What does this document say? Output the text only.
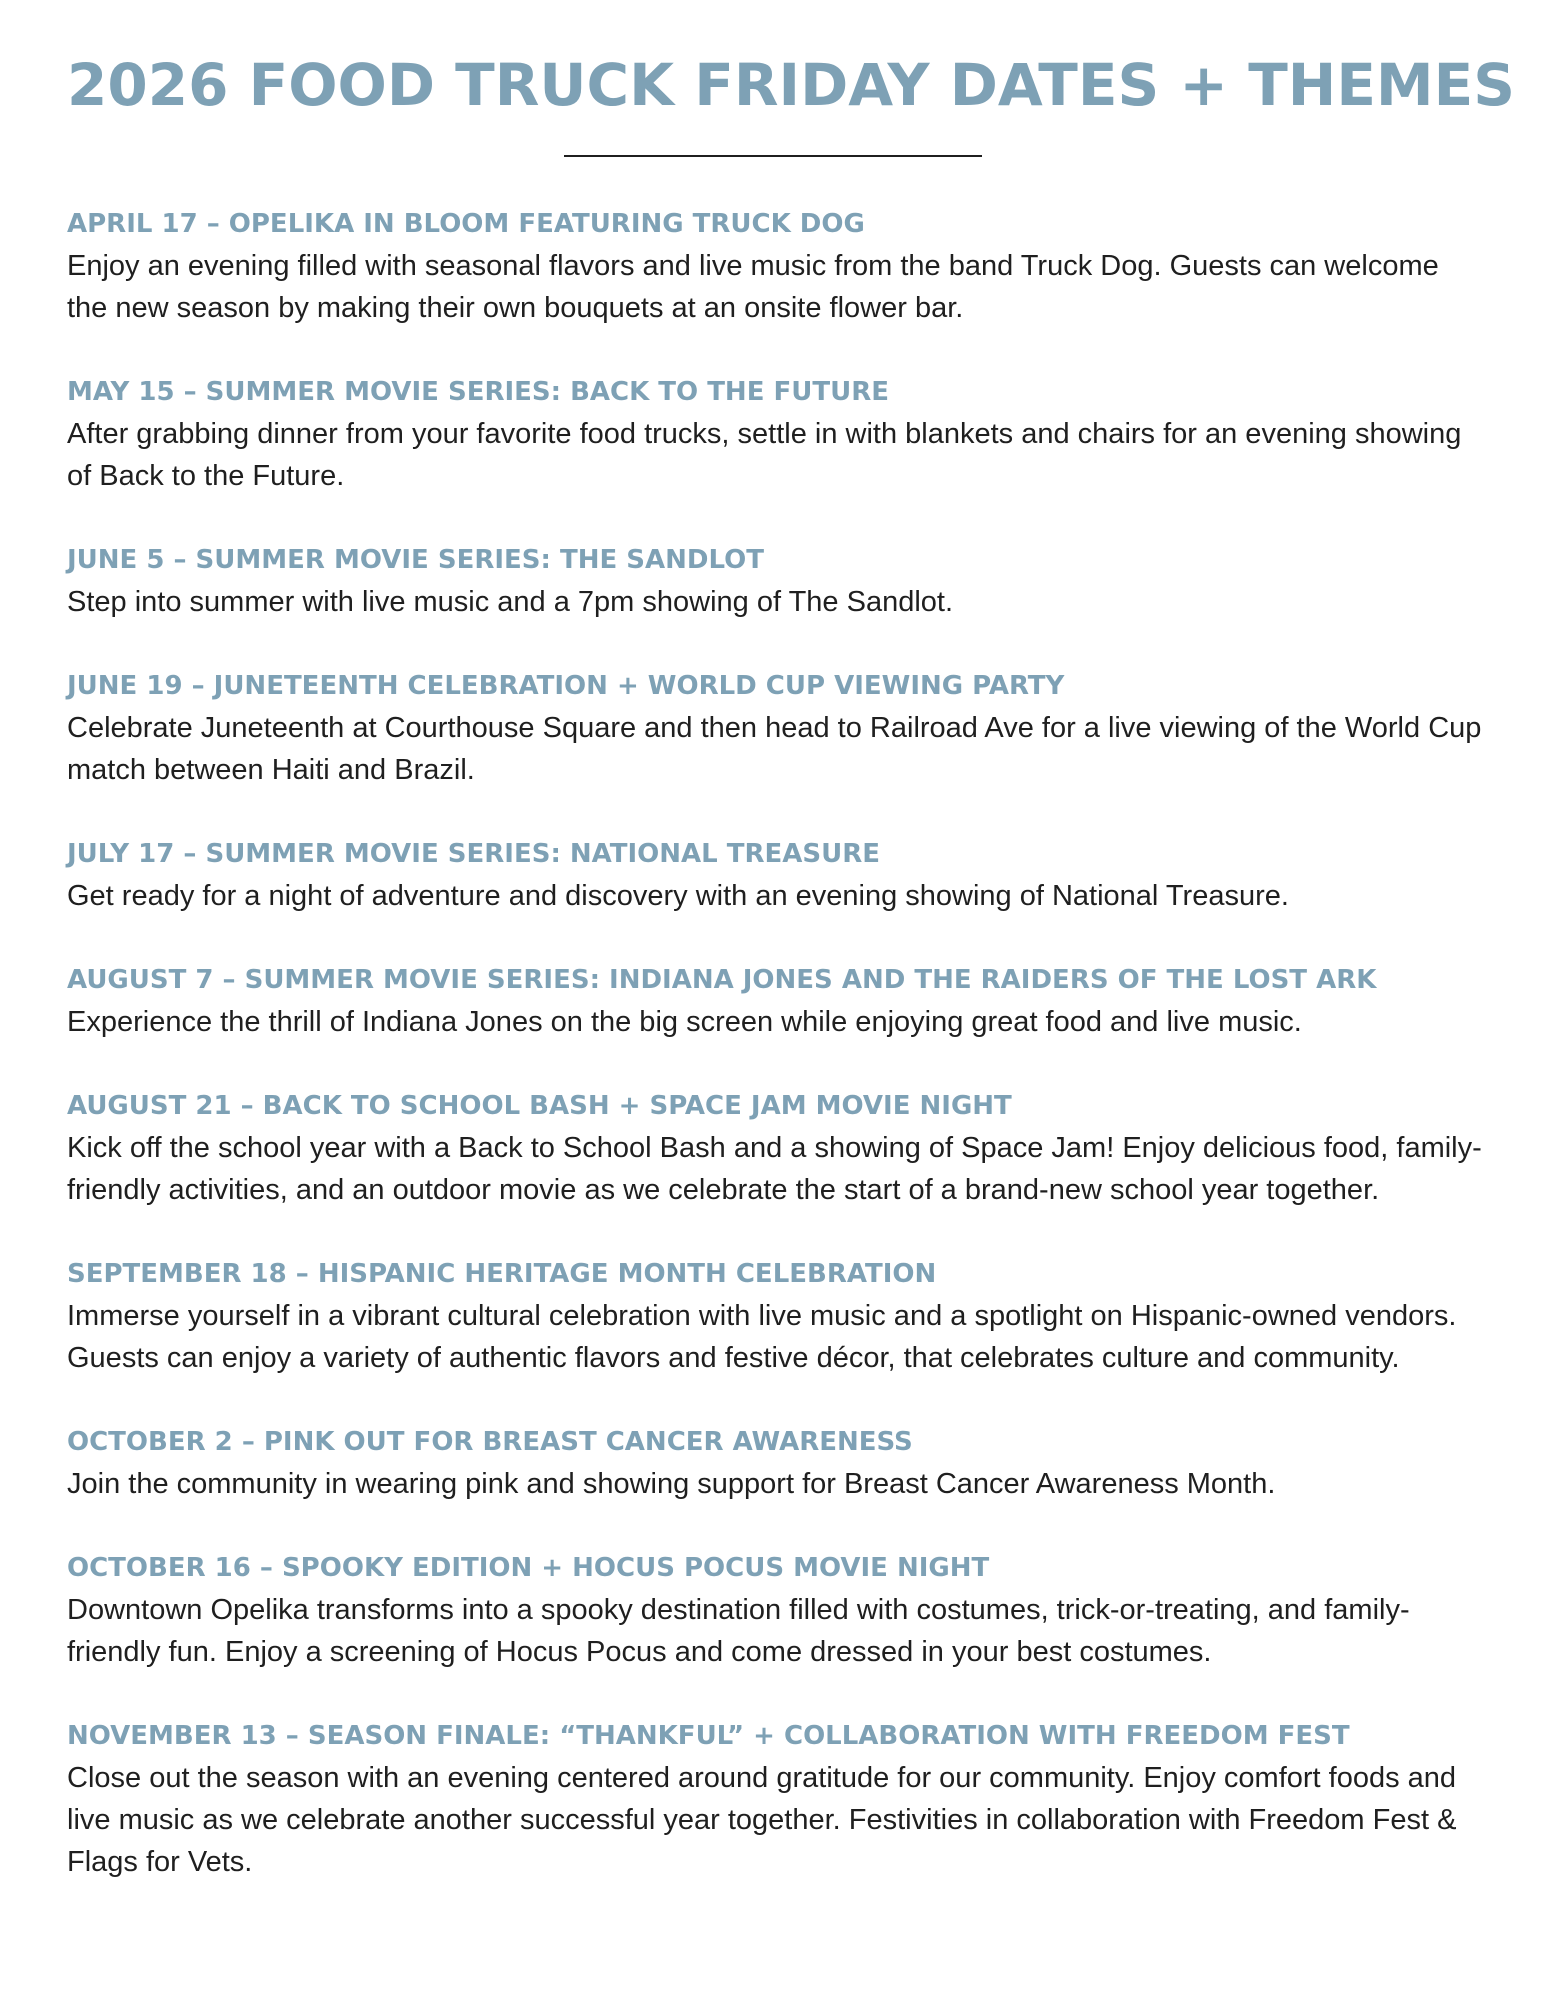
2026 FOOD TRUCK FRIDAY DATES + THEMES
APRIL 17 – OPELIKA IN BLOOM FEATURING TRUCK DOG

Enjoy an evening filled with seasonal flavors and live music from the band Truck Dog. Guests can welcome the new season by making their own bouquets at an onsite flower bar.

MAY 15 – SUMMER MOVIE SERIES: BACK TO THE FUTURE

After grabbing dinner from your favorite food trucks, settle in with blankets and chairs for an evening showing of Back to the Future.

JUNE 5 – SUMMER MOVIE SERIES: THE SANDLOT

Step into summer with live music and a 7pm showing of The Sandlot.

JUNE 19 – JUNETEENTH CELEBRATION + WORLD CUP VIEWING PARTY

Celebrate Juneteenth at Courthouse Square and then head to Railroad Ave for a live viewing of the World Cup match between Haiti and Brazil.

JULY 17 – SUMMER MOVIE SERIES: NATIONAL TREASURE

Get ready for a night of adventure and discovery with an evening showing of National Treasure.

AUGUST 7 – SUMMER MOVIE SERIES: INDIANA JONES AND THE RAIDERS OF THE LOST ARK

Experience the thrill of Indiana Jones on the big screen while enjoying great food and live music.

AUGUST 21 – BACK TO SCHOOL BASH + SPACE JAM MOVIE NIGHT

Kick off the school year with a Back to School Bash and a showing of Space Jam! Enjoy delicious food, family-friendly activities, and an outdoor movie as we celebrate the start of a brand-new school year together.

SEPTEMBER 18 – HISPANIC HERITAGE MONTH CELEBRATION

Immerse yourself in a vibrant cultural celebration with live music and a spotlight on Hispanic-owned vendors. Guests can enjoy a variety of authentic flavors and festive décor, that celebrates culture and community.

OCTOBER 2 – PINK OUT FOR BREAST CANCER AWARENESS

Join the community in wearing pink and showing support for Breast Cancer Awareness Month.

OCTOBER 16 – SPOOKY EDITION + HOCUS POCUS MOVIE NIGHT

Downtown Opelika transforms into a spooky destination filled with costumes, trick-or-treating, and family-friendly fun. Enjoy a screening of Hocus Pocus and come dressed in your best costumes.

NOVEMBER 13 – SEASON FINALE: “THANKFUL” + COLLABORATION WITH FREEDOM FEST

Close out the season with an evening centered around gratitude for our community. Enjoy comfort foods and live music as we celebrate another successful year together. Festivities in collaboration with Freedom Fest & Flags for Vets.
